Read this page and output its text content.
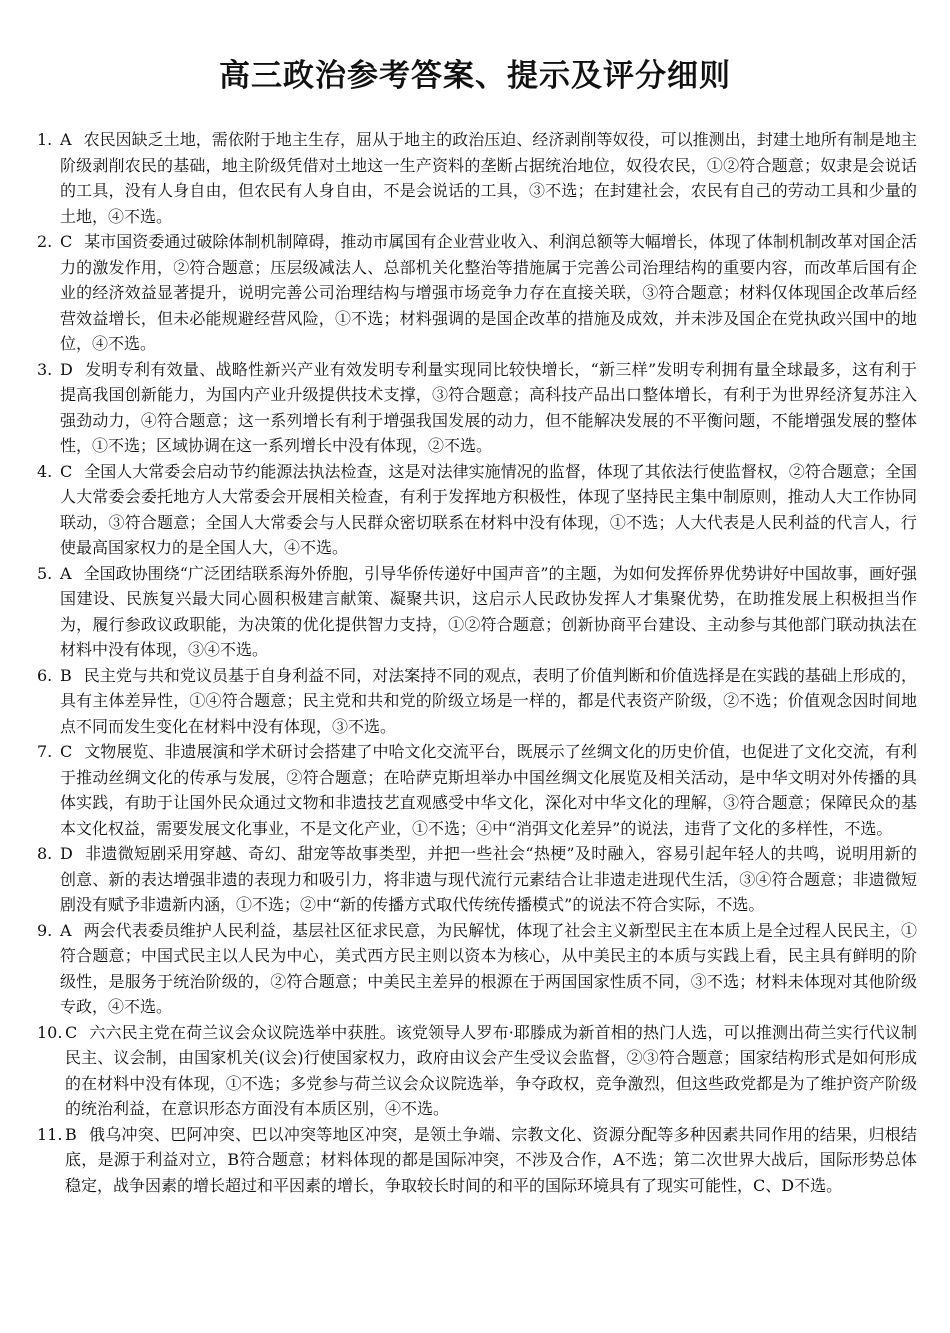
高三政治参考答案、提示及评分细则
1. A 农民因缺乏土地，需依附于地主生存，屈从于地主的政治压迫、经济剥削等奴役，可以推测出，封建土地所有制是地主阶级剥削农民的基础，地主阶级凭借对土地这一生产资料的垄断占据统治地位，奴役农民，①②符合题意；奴隶是会说话的工具，没有人身自由，但农民有人身自由，不是会说话的工具，③不选；在封建社会，农民有自己的劳动工具和少量的土地，④不选。
2. C 某市国资委通过破除体制机制障碍，推动市属国有企业营业收入、利润总额等大幅增长，体现了体制机制改革对国企活力的激发作用，②符合题意；压层级减法人、总部机关化整治等措施属于完善公司治理结构的重要内容，而改革后国有企业的经济效益显著提升，说明完善公司治理结构与增强市场竞争力存在直接关联，③符合题意；材料仅体现国企改革后经营效益增长，但未必能规避经营风险，①不选；材料强调的是国企改革的措施及成效，并未涉及国企在党执政兴国中的地位，④不选。
3. D 发明专利有效量、战略性新兴产业有效发明专利量实现同比较快增长，“新三样”发明专利拥有量全球最多，这有利于提高我国创新能力，为国内产业升级提供技术支撑，③符合题意；高科技产品出口整体增长，有利于为世界经济复苏注入强劲动力，④符合题意；这一系列增长有利于增强我国发展的动力，但不能解决发展的不平衡问题，不能增强发展的整体性，①不选；区域协调在这一系列增长中没有体现，②不选。
4. C 全国人大常委会启动节约能源法执法检查，这是对法律实施情况的监督，体现了其依法行使监督权，②符合题意；全国人大常委会委托地方人大常委会开展相关检查，有利于发挥地方积极性，体现了坚持民主集中制原则，推动人大工作协同联动，③符合题意；全国人大常委会与人民群众密切联系在材料中没有体现，①不选；人大代表是人民利益的代言人，行使最高国家权力的是全国人大，④不选。
5. A 全国政协围绕“广泛团结联系海外侨胞，引导华侨传递好中国声音”的主题，为如何发挥侨界优势讲好中国故事，画好强国建设、民族复兴最大同心圆积极建言献策、凝聚共识，这启示人民政协发挥人才集聚优势，在助推发展上积极担当作为，履行参政议政职能，为决策的优化提供智力支持，①②符合题意；创新协商平台建设、主动参与其他部门联动执法在材料中没有体现，③④不选。
6. B 民主党与共和党议员基于自身利益不同，对法案持不同的观点，表明了价值判断和价值选择是在实践的基础上形成的，具有主体差异性，①④符合题意；民主党和共和党的阶级立场是一样的，都是代表资产阶级，②不选；价值观念因时间地点不同而发生变化在材料中没有体现，③不选。
7. C 文物展览、非遗展演和学术研讨会搭建了中哈文化交流平台，既展示了丝绸文化的历史价值，也促进了文化交流，有利于推动丝绸文化的传承与发展，②符合题意；在哈萨克斯坦举办中国丝绸文化展览及相关活动，是中华文明对外传播的具体实践，有助于让国外民众通过文物和非遗技艺直观感受中华文化，深化对中华文化的理解，③符合题意；保障民众的基本文化权益，需要发展文化事业，不是文化产业，①不选；④中“消弭文化差异”的说法，违背了文化的多样性，不选。
8. D 非遗微短剧采用穿越、奇幻、甜宠等故事类型，并把一些社会“热梗”及时融入，容易引起年轻人的共鸣，说明用新的创意、新的表达增强非遗的表现力和吸引力，将非遗与现代流行元素结合让非遗走进现代生活，③④符合题意；非遗微短剧没有赋予非遗新内涵，①不选；②中“新的传播方式取代传统传播模式”的说法不符合实际，不选。
9. A 两会代表委员维护人民利益，基层社区征求民意，为民解忧，体现了社会主义新型民主在本质上是全过程人民民主，①符合题意；中国式民主以人民为中心，美式西方民主则以资本为核心，从中美民主的本质与实践上看，民主具有鲜明的阶级性，是服务于统治阶级的，②符合题意；中美民主差异的根源在于两国国家性质不同，③不选；材料未体现对其他阶级专政，④不选。
10. C 六六民主党在荷兰议会众议院选举中获胜。该党领导人罗布·耶滕成为新首相的热门人选，可以推测出荷兰实行代议制民主、议会制，由国家机关(议会)行使国家权力，政府由议会产生受议会监督，②③符合题意；国家结构形式是如何形成的在材料中没有体现，①不选；多党参与荷兰议会众议院选举，争夺政权，竞争激烈，但这些政党都是为了维护资产阶级的统治利益，在意识形态方面没有本质区别，④不选。
11. B 俄乌冲突、巴阿冲突、巴以冲突等地区冲突，是领土争端、宗教文化、资源分配等多种因素共同作用的结果，归根结底，是源于利益对立，B符合题意；材料体现的都是国际冲突，不涉及合作，A不选；第二次世界大战后，国际形势总体稳定，战争因素的增长超过和平因素的增长，争取较长时间的和平的国际环境具有了现实可能性，C、D不选。
